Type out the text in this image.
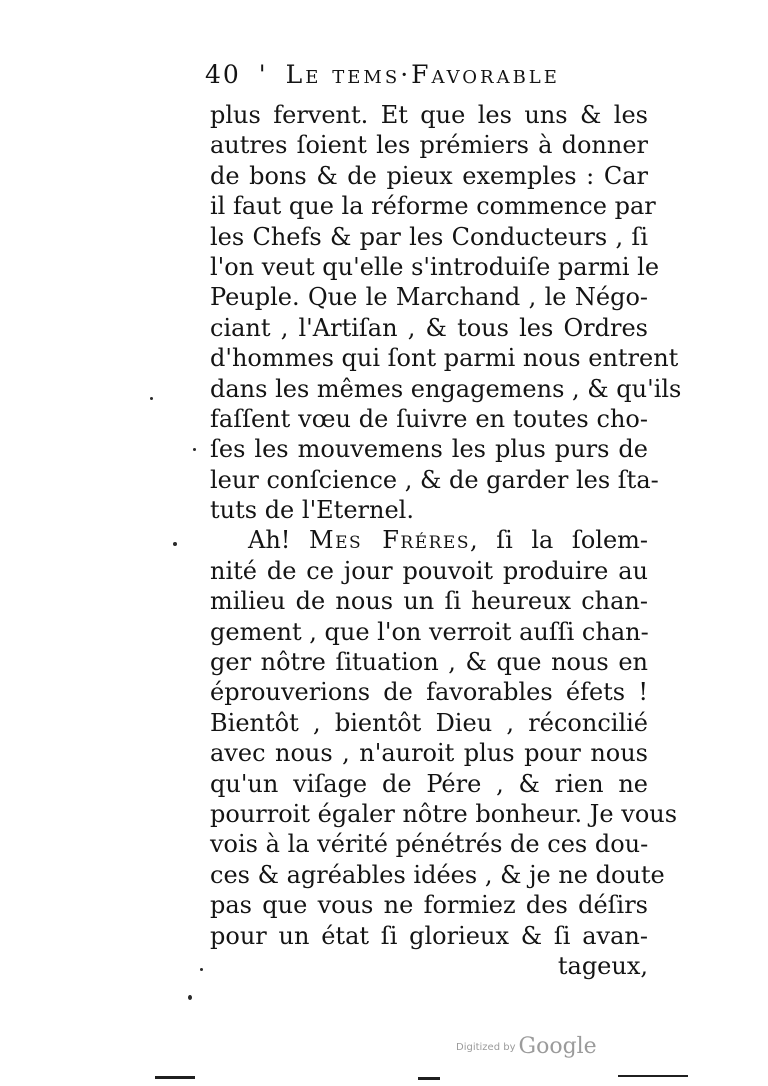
40 ' Le tems·Favorable
plus fervent. Et que les uns & les
autres ſoient les prémiers à donner
de bons & de pieux exemples : Car
il faut que la réforme commence par
les Chefs & par les Conducteurs , ſi
l'on veut qu'elle s'introduiſe parmi le
Peuple. Que le Marchand , le Négo-
ciant , l'Artiſan , & tous les Ordres
d'hommes qui ſont parmi nous entrent
dans les mêmes engagemens , & qu'ils
faſſent vœu de ſuivre en toutes cho-
ſes les mouvemens les plus purs de
leur conſcience , & de garder les ſta-
tuts de l'Eternel.
Ah! Mes Fréres, ſi la ſolem-
nité de ce jour pouvoit produire au
milieu de nous un ſi heureux chan-
gement , que l'on verroit auſſi chan-
ger nôtre ſituation , & que nous en
éprouverions de favorables éfets !
Bientôt , bientôt Dieu , réconcilié
avec nous , n'auroit plus pour nous
qu'un viſage de Pére , & rien ne
pourroit égaler nôtre bonheur. Je vous
vois à la vérité pénétrés de ces dou-
ces & agréables idées , & je ne doute
pas que vous ne formiez des déſirs
pour un état ſi glorieux & ſi avan-
tageux,
Digitized by Google
